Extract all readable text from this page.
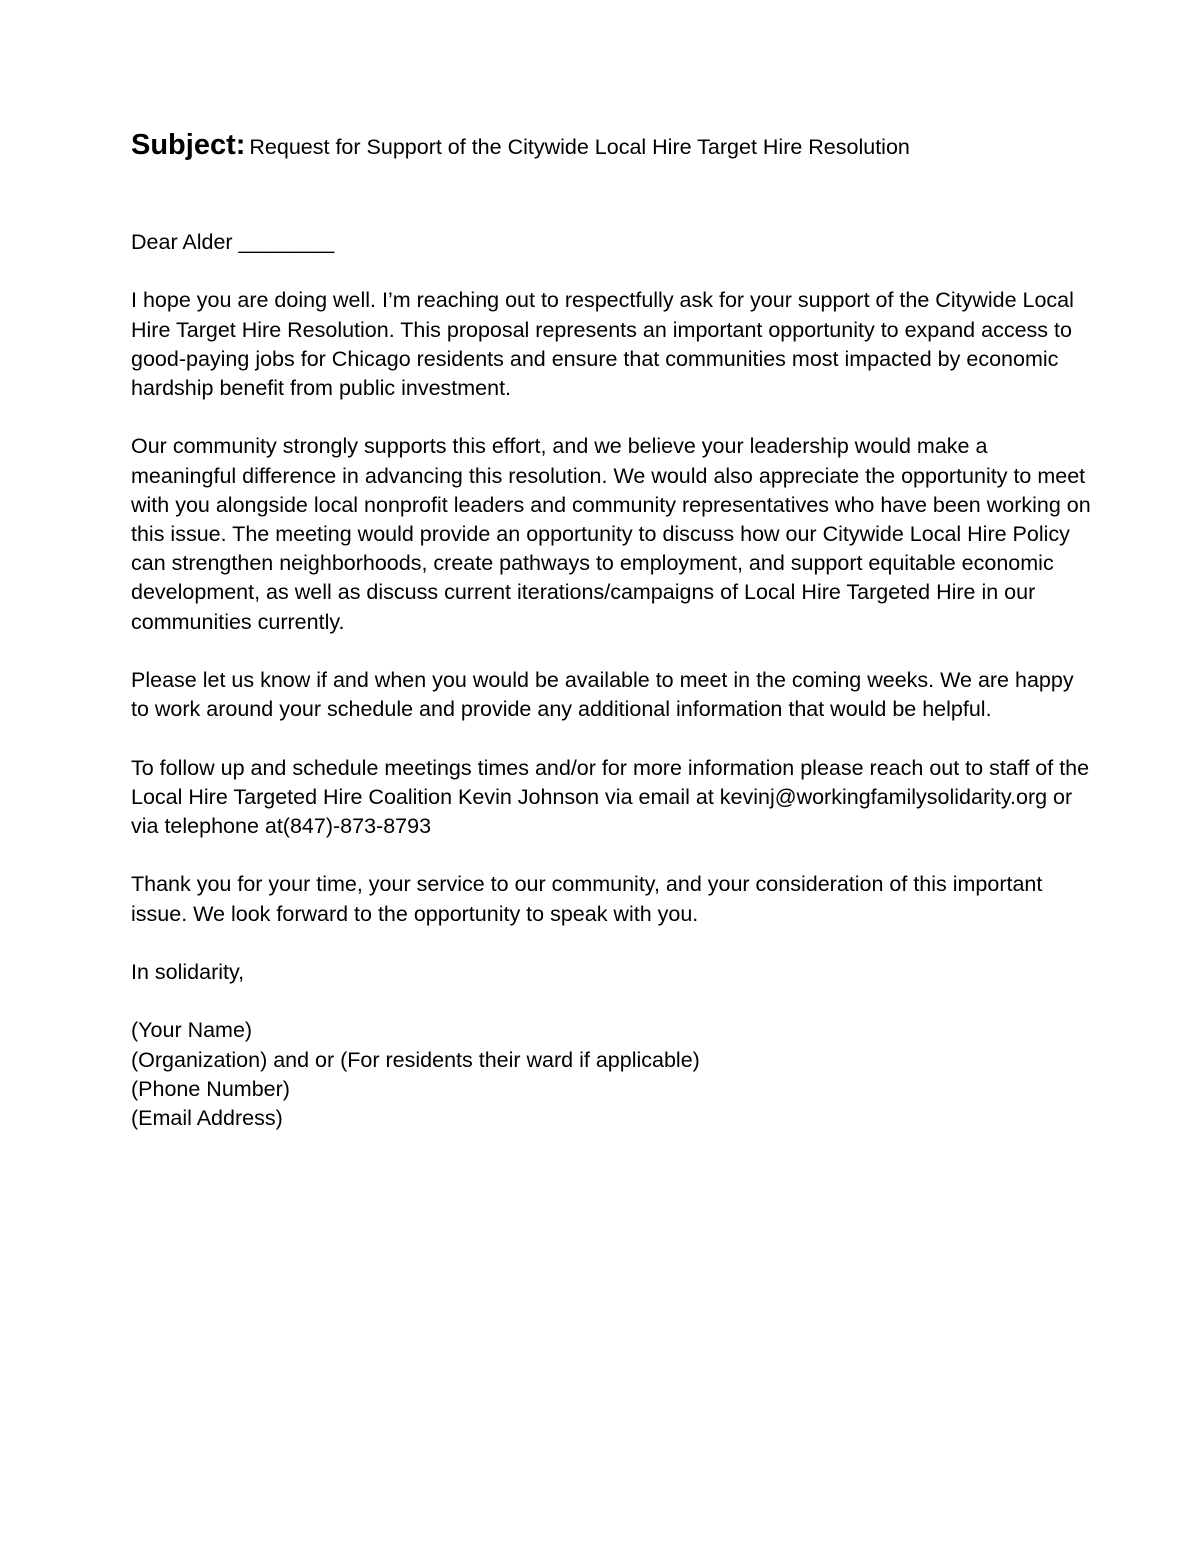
Subject: Request for Support of the Citywide Local Hire Target Hire Resolution

Dear Alder ________

I hope you are doing well. I’m reaching out to respectfully ask for your support of the Citywide Local Hire Target Hire Resolution. This proposal represents an important opportunity to expand access to good-paying jobs for Chicago residents and ensure that communities most impacted by economic hardship benefit from public investment.

Our community strongly supports this effort, and we believe your leadership would make a meaningful difference in advancing this resolution. We would also appreciate the opportunity to meet with you alongside local nonprofit leaders and community representatives who have been working on this issue. The meeting would provide an opportunity to discuss how our Citywide Local Hire Policy can strengthen neighborhoods, create pathways to employment, and support equitable economic development, as well as discuss current iterations/campaigns of Local Hire Targeted Hire in our communities currently.

Please let us know if and when you would be available to meet in the coming weeks. We are happy to work around your schedule and provide any additional information that would be helpful.

To follow up and schedule meetings times and/or for more information please reach out to staff of the Local Hire Targeted Hire Coalition Kevin Johnson via email at kevinj@workingfamilysolidarity.org or via telephone at(847)-873-8793

Thank you for your time, your service to our community, and your consideration of this important issue. We look forward to the opportunity to speak with you.

In solidarity,

(Your Name)

(Organization) and or (For residents their ward if applicable)

(Phone Number)

(Email Address)
